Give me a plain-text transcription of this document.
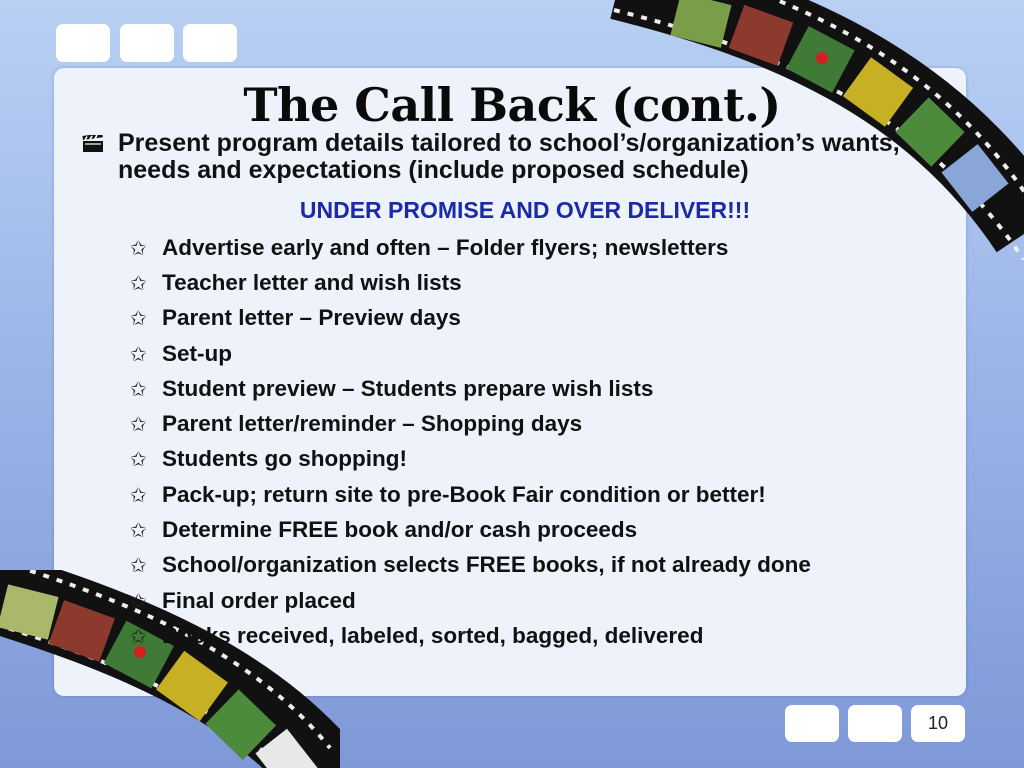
The Call Back (cont.)
Present program details tailored to school’s/organization’s wants, needs and expectations (include proposed schedule)
UNDER PROMISE AND OVER DELIVER!!!
✩ Advertise early and often – Folder flyers; newsletters
✩ Teacher letter and wish lists
✩ Parent letter – Preview days
✩ Set-up
✩ Student preview – Students prepare wish lists
✩ Parent letter/reminder – Shopping days
✩ Students go shopping!
✩ Pack-up; return site to pre-Book Fair condition or better!
✩ Determine FREE book and/or cash proceeds
✩ School/organization selects FREE books, if not already done
✩ Final order placed
✩ Books received, labeled, sorted, bagged, delivered
10
